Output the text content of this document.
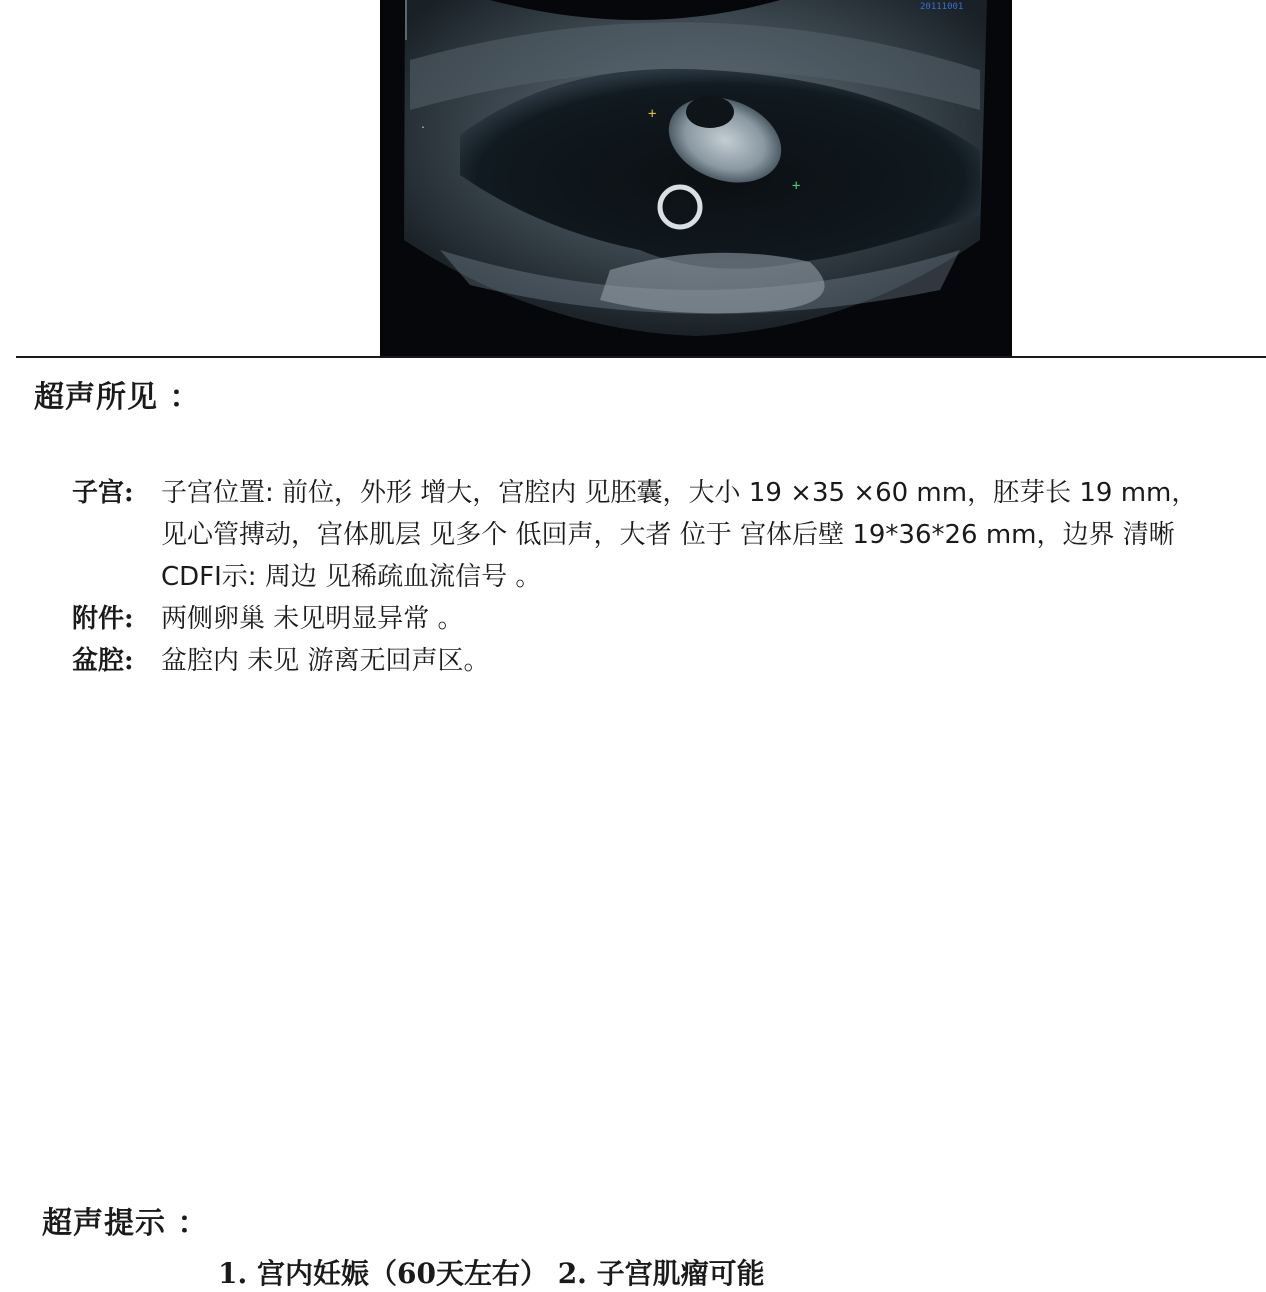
+
+
.
20111001
超声所见 ：
子宫: 子宫位置: 前位，外形 增大，宫腔内 见胚囊，大小 19 ×35 ×60 mm，胚芽长 19 mm，
见心管搏动，宫体肌层 见多个 低回声，大者 位于 宫体后壁 19*36*26 mm，边界 清晰
CDFI示: 周边 见稀疏血流信号 。
附件: 两侧卵巢 未见明显异常 。
盆腔: 盆腔内 未见 游离无回声区。
超声提示 ：
1. 宫内妊娠（60天左右） 2. 子宫肌瘤可能
